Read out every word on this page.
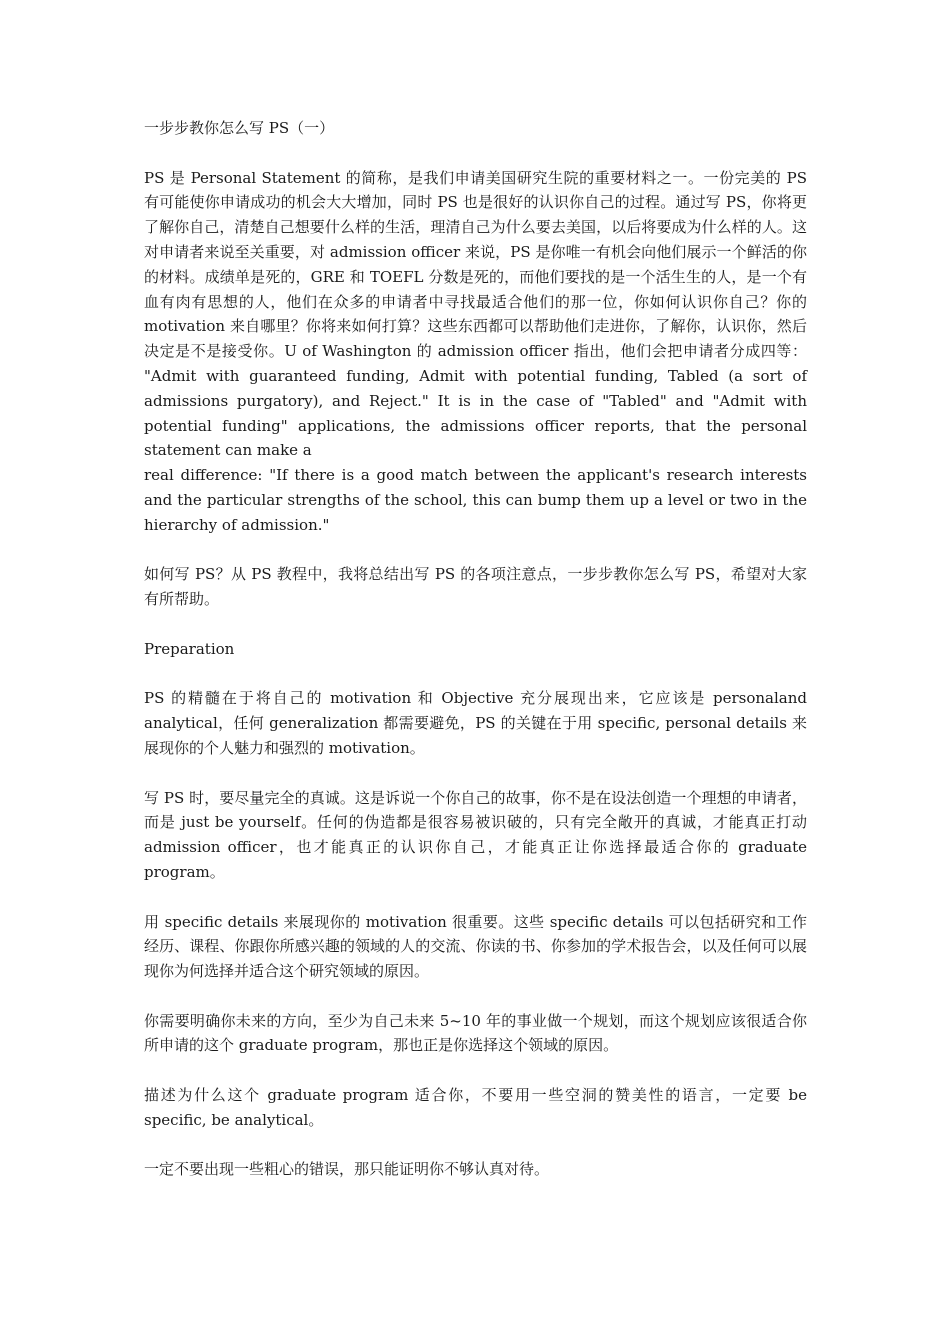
一步步教你怎么写 PS（一）

PS 是 Personal Statement 的简称，是我们申请美国研究生院的重要材料之一。一份完美的 PS 有可能使你申请成功的机会大大增加，同时 PS 也是很好的认识你自己的过程。通过写 PS，你将更了解你自己，清楚自己想要什么样的生活，理清自己为什么要去美国，以后将要成为什么样的人。这对申请者来说至关重要，对 admission officer 来说，PS 是你唯一有机会向他们展示一个鲜活的你的材料。成绩单是死的，GRE 和 TOEFL 分数是死的，而他们要找的是一个活生生的人，是一个有血有肉有思想的人，他们在众多的申请者中寻找最适合他们的那一位，你如何认识你自己？你的 motivation 来自哪里？你将来如何打算？这些东西都可以帮助他们走进你，了解你，认识你，然后决定是不是接受你。U of Washington 的 admission officer 指出，他们会把申请者分成四等： "Admit with guaranteed funding, Admit with potential funding, Tabled (a sort of admissions purgatory), and Reject." It is in the case of "Tabled" and "Admit with potential funding" applications, the admissions officer reports, that the personal statement can make a

real difference: "If there is a good match between the applicant's research interests and the particular strengths of the school, this can bump them up a level or two in the hierarchy of admission."

如何写 PS？从 PS 教程中，我将总结出写 PS 的各项注意点，一步步教你怎么写 PS，希望对大家有所帮助。

Preparation

PS 的精髓在于将自己的 motivation 和 Objective 充分展现出来，它应该是 personaland analytical，任何 generalization 都需要避免，PS 的关键在于用 specific, personal details 来展现你的个人魅力和强烈的 motivation。

写 PS 时，要尽量完全的真诚。这是诉说一个你自己的故事，你不是在设法创造一个理想的申请者，而是 just be yourself。任何的伪造都是很容易被识破的，只有完全敞开的真诚，才能真正打动 admission officer，也才能真正的认识你自己，才能真正让你选择最适合你的 graduate program。

用 specific details 来展现你的 motivation 很重要。这些 specific details 可以包括研究和工作经历、课程、你跟你所感兴趣的领域的人的交流、你读的书、你参加的学术报告会，以及任何可以展现你为何选择并适合这个研究领域的原因。

你需要明确你未来的方向，至少为自己未来 5~10 年的事业做一个规划，而这个规划应该很适合你所申请的这个 graduate program，那也正是你选择这个领域的原因。

描述为什么这个 graduate program 适合你，不要用一些空洞的赞美性的语言，一定要 be specific, be analytical。

一定不要出现一些粗心的错误，那只能证明你不够认真对待。
